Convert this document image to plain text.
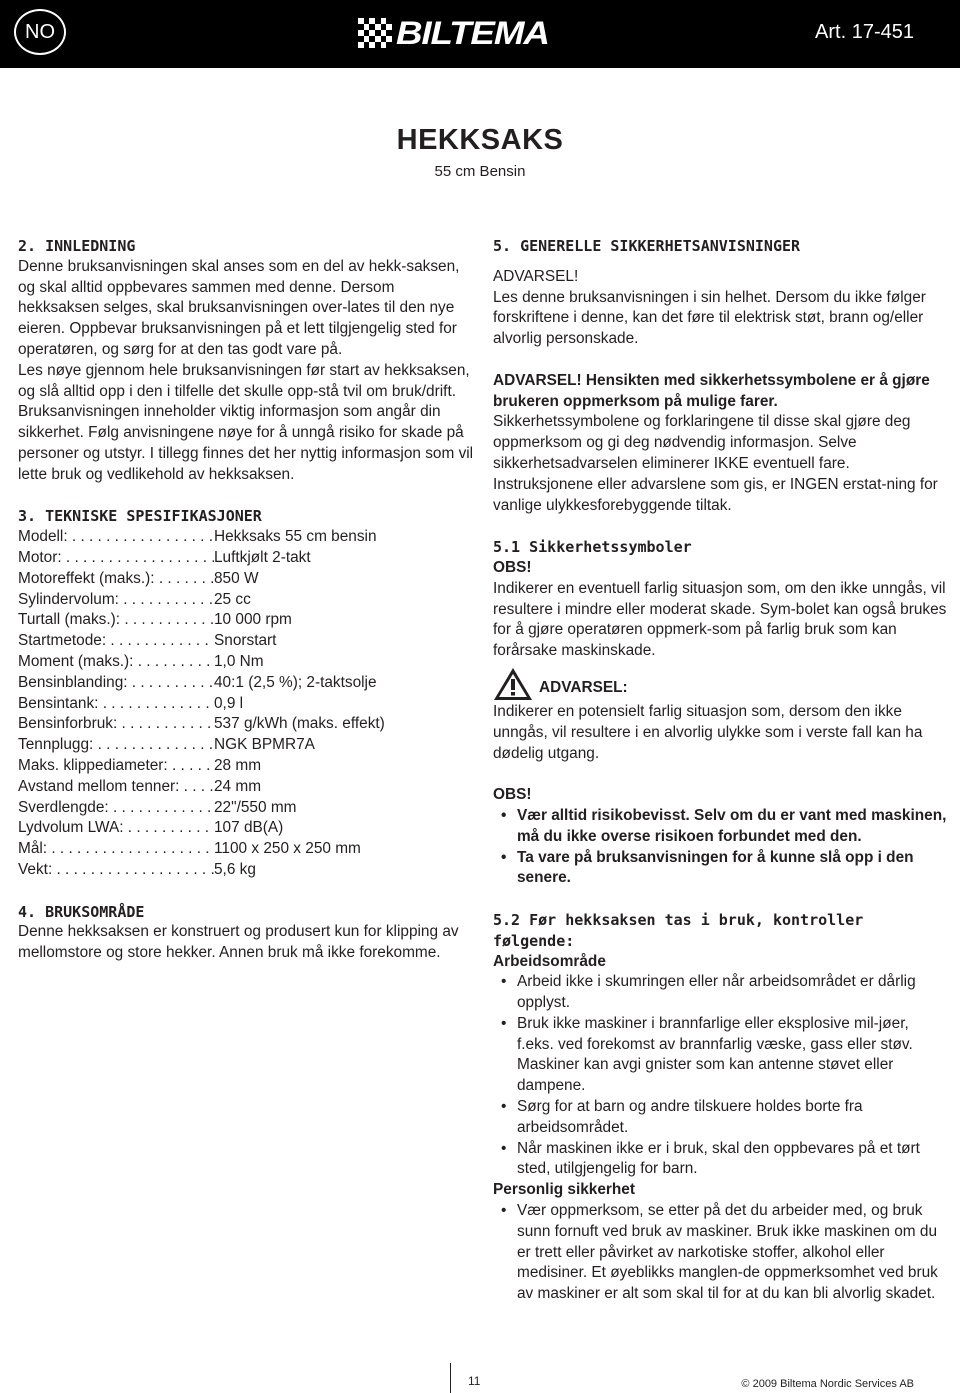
NO	BILTEMA	Art. 17-451
HEKKSAKS
55 cm Bensin
2. INNLEDNING

Denne bruksanvisningen skal anses som en del av hekk-saksen, og skal alltid oppbevares sammen med denne. Dersom hekksaksen selges, skal bruksanvisningen over-lates til den nye eieren. Oppbevar bruksanvisningen på et lett tilgjengelig sted for operatøren, og sørg for at den tas godt vare på.

Les nøye gjennom hele bruksanvisningen før start av hekksaksen, og slå alltid opp i den i tilfelle det skulle opp-stå tvil om bruk/drift.

Bruksanvisningen inneholder viktig informasjon som angår din sikkerhet. Følg anvisningene nøye for å unngå risiko for skade på personer og utstyr. I tillegg finnes det her nyttig informasjon som vil lette bruk og vedlikehold av hekksaksen.

3. TEKNISKE SPESIFIKASJONER
Modell: . . .	Hekksaks 55 cm bensin
Motor: . . .	Luftkjølt 2-takt
Motoreffekt (maks.): . . .	850 W
Sylindervolum: . . .	25 cc
Turtall (maks.): . . .	10 000 rpm
Startmetode: . . .	Snorstart
Moment (maks.): . . .	1,0 Nm
Bensinblanding: . . .	40:1 (2,5 %); 2-taktsolje
Bensintank: . . .	0,9 l
Bensinforbruk: . . .	537 g/kWh (maks. effekt)
Tennplugg: . . .	NGK BPMR7A
Maks. klippediameter: . . .	28 mm
Avstand mellom tenner: . . .	24 mm
Sverdlengde: . . .	22"/550 mm
Lydvolum LWA: . . .	107 dB(A)
Mål: . . .	1100 x 250 x 250 mm
Vekt: . . .	5,6 kg
4. BRUKSOMRÅDE

Denne hekksaksen er konstruert og produsert kun for klipping av mellomstore og store hekker. Annen bruk må ikke forekomme.

5. GENERELLE SIKKERHETSANVISNINGER

ADVARSEL!

Les denne bruksanvisningen i sin helhet. Dersom du ikke følger forskriftene i denne, kan det føre til elektrisk støt, brann og/eller alvorlig personskade.

ADVARSEL! Hensikten med sikkerhetssymbolene er å gjøre brukeren oppmerksom på mulige farer.

Sikkerhetssymbolene og forklaringene til disse skal gjøre deg oppmerksom og gi deg nødvendig informasjon. Selve sikkerhetsadvarselen eliminerer IKKE eventuell fare. Instruksjonene eller advarslene som gis, er INGEN erstat-ning for vanlige ulykkesforebyggende tiltak.

5.1 Sikkerhetssymboler

OBS!

Indikerer en eventuell farlig situasjon som, om den ikke unngås, vil resultere i mindre eller moderat skade. Sym-bolet kan også brukes for å gjøre operatøren oppmerk-som på farlig bruk som kan forårsake maskinskade.

ADVARSEL:

Indikerer en potensielt farlig situasjon som, dersom den ikke unngås, vil resultere i en alvorlig ulykke som i verste fall kan ha dødelig utgang.

OBS!

• Vær alltid risikobevisst. Selv om du er vant med maskinen, må du ikke overse risikoen forbundet med den.
• Ta vare på bruksanvisningen for å kunne slå opp i den senere.
5.2 Før hekksaksen tas i bruk, kontroller følgende:

Arbeidsområde

• Arbeid ikke i skumringen eller når arbeidsområdet er dårlig opplyst.
• Bruk ikke maskiner i brannfarlige eller eksplosive mil-jøer, f.eks. ved forekomst av brannfarlig væske, gass eller støv. Maskiner kan avgi gnister som kan antenne støvet eller dampene.
• Sørg for at barn og andre tilskuere holdes borte fra arbeidsområdet.
• Når maskinen ikke er i bruk, skal den oppbevares på et tørt sted, utilgjengelig for barn.

Personlig sikkerhet

• Vær oppmerksom, se etter på det du arbeider med, og bruk sunn fornuft ved bruk av maskiner. Bruk ikke maskinen om du er trett eller påvirket av narkotiske stoffer, alkohol eller medisiner. Et øyeblikks manglen-de oppmerksomhet ved bruk av maskiner er alt som skal til for at du kan bli alvorlig skadet.
11	© 2009 Biltema Nordic Services AB
